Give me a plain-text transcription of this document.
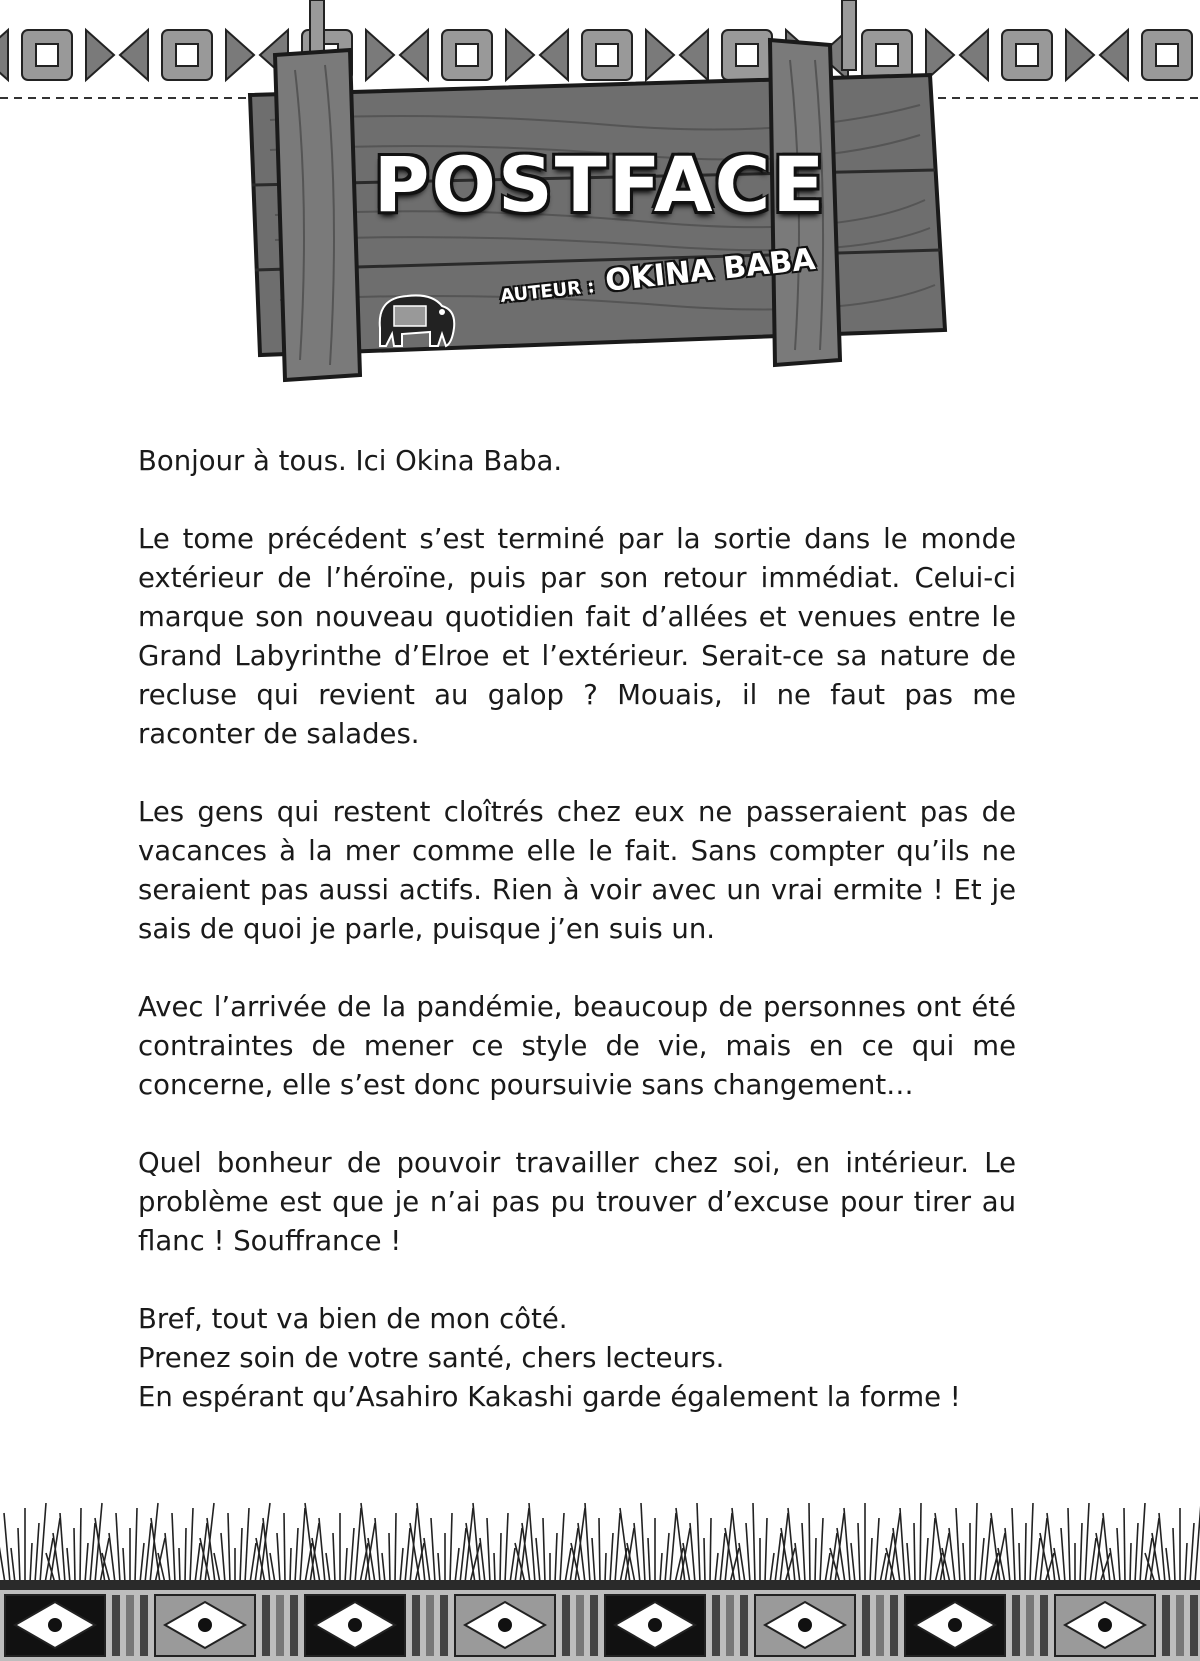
POSTFACE
AUTEUR : OKINA BABA

Bonjour à tous. Ici Okina Baba.

Le tome précédent s’est terminé par la sortie dans le monde extérieur de l’héroïne, puis par son retour immédiat. Celui-ci marque son nouveau quotidien fait d’allées et venues entre le Grand Labyrinthe d’Elroe et l’extérieur. Serait-ce sa nature de recluse qui revient au galop ? Mouais, il ne faut pas me raconter de salades.

Les gens qui restent cloîtrés chez eux ne passeraient pas de vacances à la mer comme elle le fait. Sans compter qu’ils ne seraient pas aussi actifs. Rien à voir avec un vrai ermite ! Et je sais de quoi je parle, puisque j’en suis un.

Avec l’arrivée de la pandémie, beaucoup de personnes ont été contraintes de mener ce style de vie, mais en ce qui me concerne, elle s’est donc poursuivie sans changement…

Quel bonheur de pouvoir travailler chez soi, en intérieur. Le problème est que je n’ai pas pu trouver d’excuse pour tirer au flanc ! Souffrance !

Bref, tout va bien de mon côté.
Prenez soin de votre santé, chers lecteurs.
En espérant qu’Asahiro Kakashi garde également la forme !
